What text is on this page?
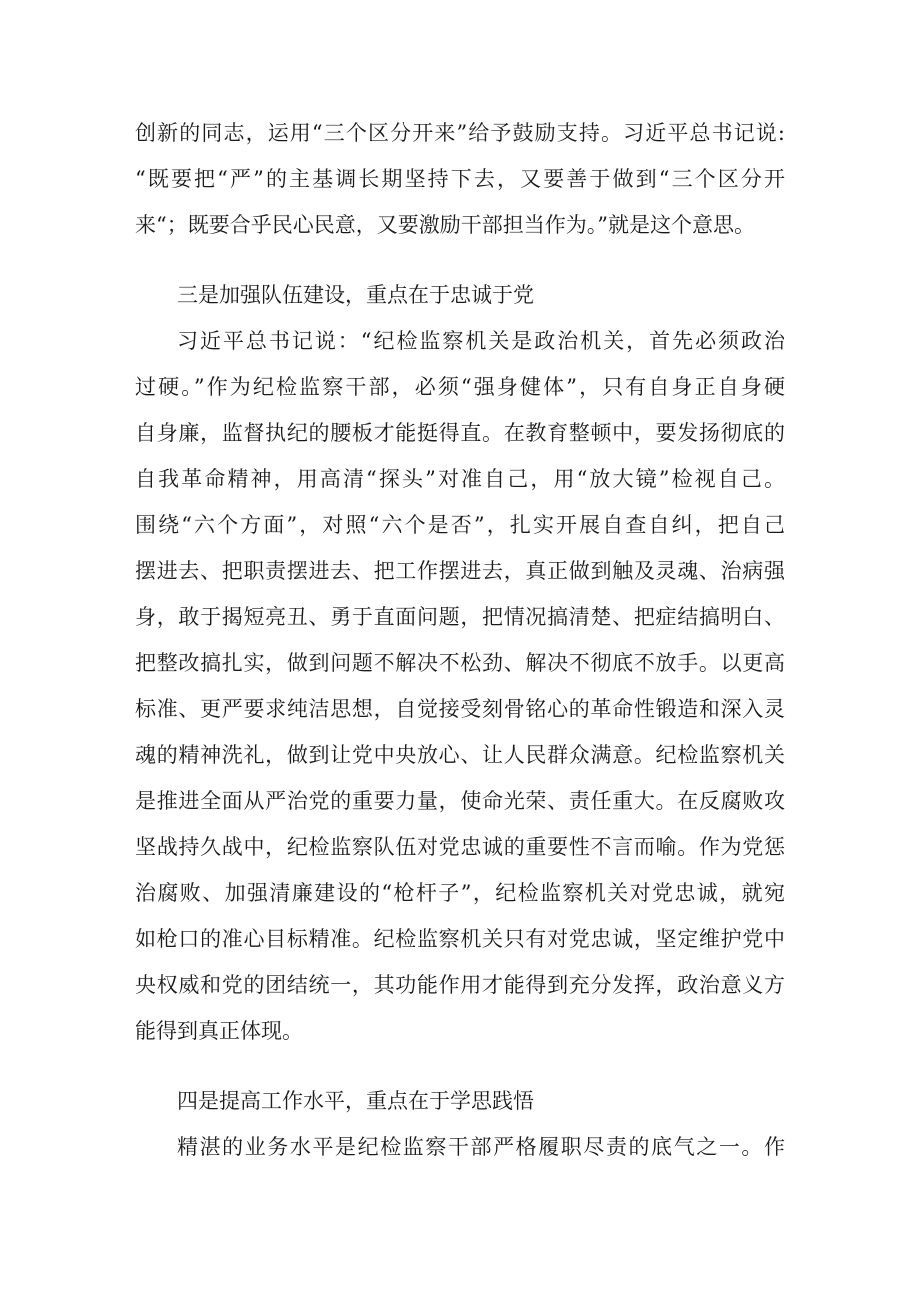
创新的同志，运用“三个区分开来”给予鼓励支持。习近平总书记说:
“既要把“严”的主基调长期坚持下去，又要善于做到“三个区分开
来“；既要合乎民心民意，又要激励干部担当作为。”就是这个意思。
三是加强队伍建设，重点在于忠诚于党
习近平总书记说：“纪检监察机关是政治机关，首先必须政治
过硬。”作为纪检监察干部，必须“强身健体”，只有自身正自身硬
自身廉，监督执纪的腰板才能挺得直。在教育整顿中，要发扬彻底的
自我革命精神，用高清“探头”对准自己，用“放大镜”检视自己。
围绕“六个方面”，对照“六个是否”，扎实开展自查自纠，把自己
摆进去、把职责摆进去、把工作摆进去，真正做到触及灵魂、治病强
身，敢于揭短亮丑、勇于直面问题，把情况搞清楚、把症结搞明白、
把整改搞扎实，做到问题不解决不松劲、解决不彻底不放手。以更高
标准、更严要求纯洁思想，自觉接受刻骨铭心的革命性锻造和深入灵
魂的精神洗礼，做到让党中央放心、让人民群众满意。纪检监察机关
是推进全面从严治党的重要力量，使命光荣、责任重大。在反腐败攻
坚战持久战中，纪检监察队伍对党忠诚的重要性不言而喻。作为党惩
治腐败、加强清廉建设的“枪杆子”，纪检监察机关对党忠诚，就宛
如枪口的准心目标精准。纪检监察机关只有对党忠诚，坚定维护党中
央权威和党的团结统一，其功能作用才能得到充分发挥，政治意义方
能得到真正体现。
四是提高工作水平，重点在于学思践悟
精湛的业务水平是纪检监察干部严格履职尽责的底气之一。作
